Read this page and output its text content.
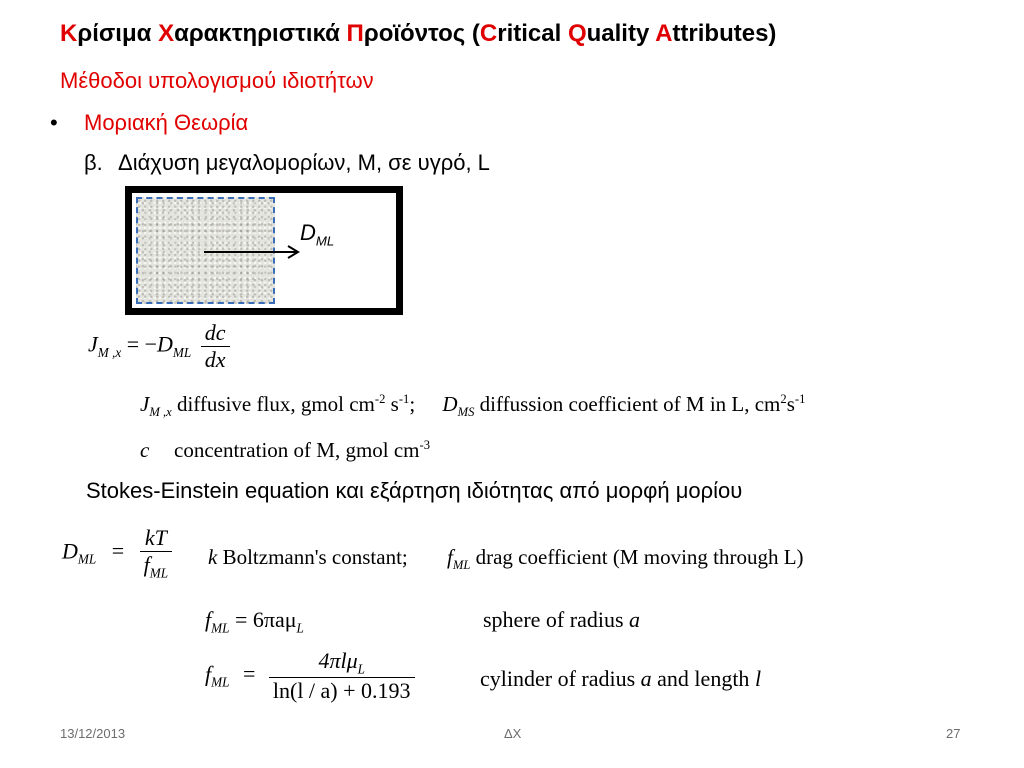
Κρίσιμα Χαρακτηριστικά Προϊόντος (Critical Quality Attributes)
Μέθοδοι υπολογισμού ιδιοτήτων
• Μοριακή Θεωρία
β. Διάχυση μεγαλομορίων, M, σε υγρό, L
$D_{ML}$
$J_{M ,x} = -D_{ML} \frac{dc}{dx}$
$J_{M ,x}$ diffusive flux, gmol $cm^{-2}$ $s^{-1}$; $D_{MS}$ diffussion coefficient of M in L, $cm^2s^{-1}$
c concentration of M, gmol $cm^{-3}$
Stokes-Einstein equation και εξάρτηση ιδιότητας από μορφή μορίου
$D_{ML} = \frac{kT}{f_{ML}}$ k Boltzmann's constant; $f_{ML}$ drag coefficient (M moving through L)
$f_{ML} = 6\pi a\mu_L$	sphere of radius a
$f_{ML} = \frac{4\pi l\mu_L}{\ln(l / a) + 0.193}$	cylinder of radius a and length l
13/12/2013	ΔΧ	27
